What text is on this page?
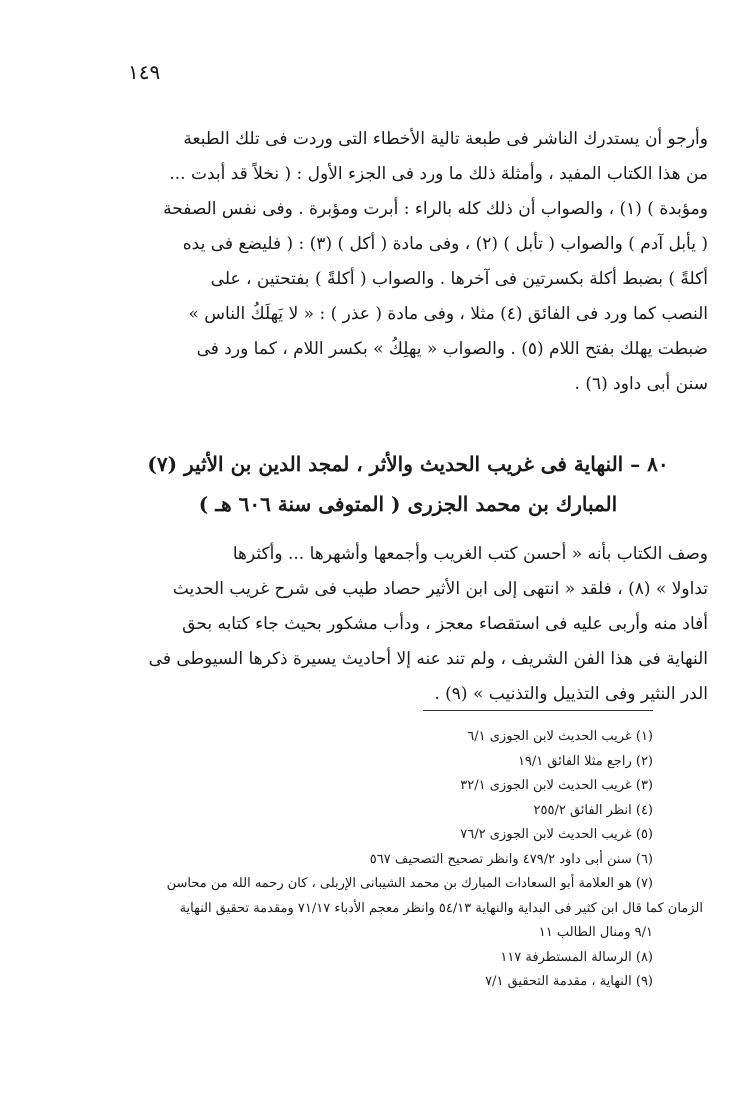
١٤٩
وأرجو أن يستدرك الناشر فى طبعة تالية الأخطاء التى وردت فى تلك الطبعة
من هذا الكتاب المفيد ، وأمثلة ذلك ما ورد فى الجزء الأول : ( نخلاً قد أبدت ...
ومؤبدة ) (١) ، والصواب أن ذلك كله بالراء : أبرت ومؤبرة . وفى نفس الصفحة
( يأبل آدم ) والصواب ( تأبل ) (٢) ، وفى مادة ( أكل ) (٣) : ( فليضع فى يده
أكلةً ) بضبط أكلة بكسرتين فى آخرها . والصواب ( أكلةً ) بفتحتين ، على
النصب كما ورد فى الفائق (٤) مثلا ، وفى مادة ( عذر ) : « لا يَهلَكُ الناس »
ضبطت يهلك بفتح اللام (٥) . والصواب « يهلِكُ » بكسر اللام ، كما ورد فى
سنن أبى داود (٦) .
٨٠ – النهاية فى غريب الحديث والأثر ، لمجد الدين بن الأثير (٧)
المبارك بن محمد الجزرى ( المتوفى سنة ٦٠٦ هـ )
وصف الكتاب بأنه « أحسن كتب الغريب وأجمعها وأشهرها ... وأكثرها
تداولا » (٨) ، فلقد « انتهى إلى ابن الأثير حصاد طيب فى شرح غريب الحديث
أفاد منه وأربى عليه فى استقصاء معجز ، ودأب مشكور بحيث جاء كتابه بحق
النهاية فى هذا الفن الشريف ، ولم تند عنه إلا أحاديث يسيرة ذكرها السيوطى فى
الدر النثير وفى التذييل والتذنيب » (٩) .
(١) غريب الحديث لابن الجوزى ٦/١
(٢) راجع مثلا الفائق ١٩/١
(٣) غريب الحديث لابن الجوزى ٣٢/١
(٤) انظر الفائق ٢٥٥/٢
(٥) غريب الحديث لابن الجوزى ٧٦/٢
(٦) سنن أبى داود ٤٧٩/٢ وانظر تصحيح التصحيف ٥٦٧
(٧) هو العلامة أبو السعادات المبارك بن محمد الشيبانى الإربلى ، كان رحمه الله من محاسن
الزمان كما قال ابن كثير فى البداية والنهاية ٥٤/١٣ وانظر معجم الأدباء ٧١/١٧ ومقدمة تحقيق النهاية
٩/١ ومنال الطالب ١١
(٨) الرسالة المستطرفة ١١٧
(٩) النهاية ، مقدمة التحقيق ٧/١
